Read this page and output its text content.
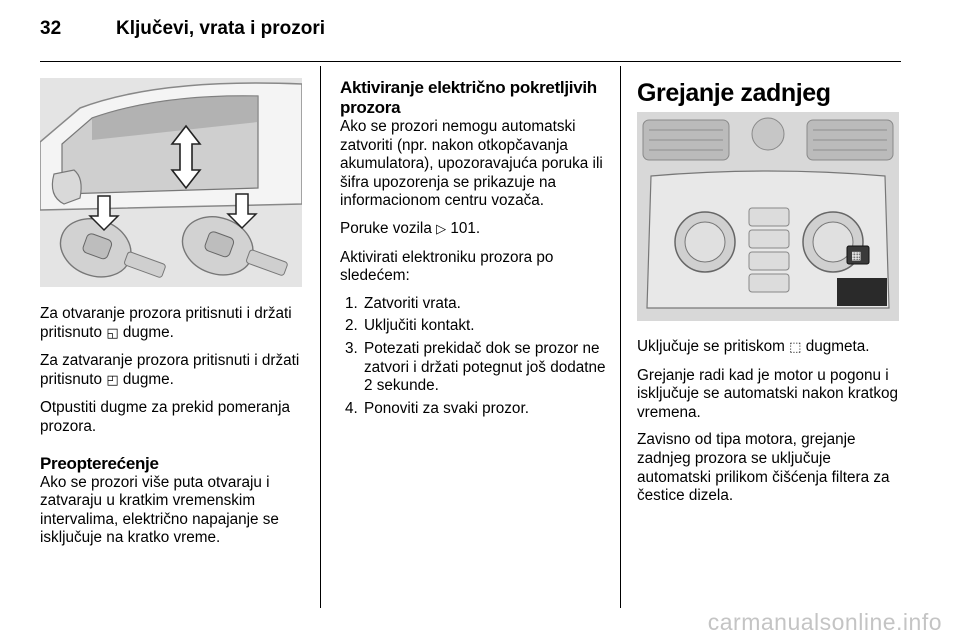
32	Ključevi, vrata i prozori

Za otvaranje prozora pritisnuti i držati pritisnuto ◱ dugme.

Za zatvaranje prozora pritisnuti i držati pritisnuto ◰ dugme.

Otpustiti dugme za prekid pomeranja prozora.

Preopterećenje

Ako se prozori više puta otvaraju i zatvaraju u kratkim vremenskim intervalima, električno napajanje se isključuje na kratko vreme.

Aktiviranje električno pokretljivih prozora

Ako se prozori nemogu automatski zatvoriti (npr. nakon otkopčavanja akumulatora), upozoravajuća poruka ili šifra upozorenja se prikazuje na informacionom centru vozača.

Poruke vozila ▷ 101.

Aktivirati elektroniku prozora po sledećem:

1. Zatvoriti vrata.
2. Uključiti kontakt.
3. Potezati prekidač dok se prozor ne zatvori i držati potegnut još dodatne 2 sekunde.
4. Ponoviti za svaki prozor.
Grejanje zadnjeg
▦

Uključuje se pritiskom ⬚ dugmeta.

Grejanje radi kad je motor u pogonu i isključuje se automatski nakon kratkog vremena.

Zavisno od tipa motora, grejanje zadnjeg prozora se uključuje automatski prilikom čišćenja filtera za čestice dizela.

carmanualsonline.info
